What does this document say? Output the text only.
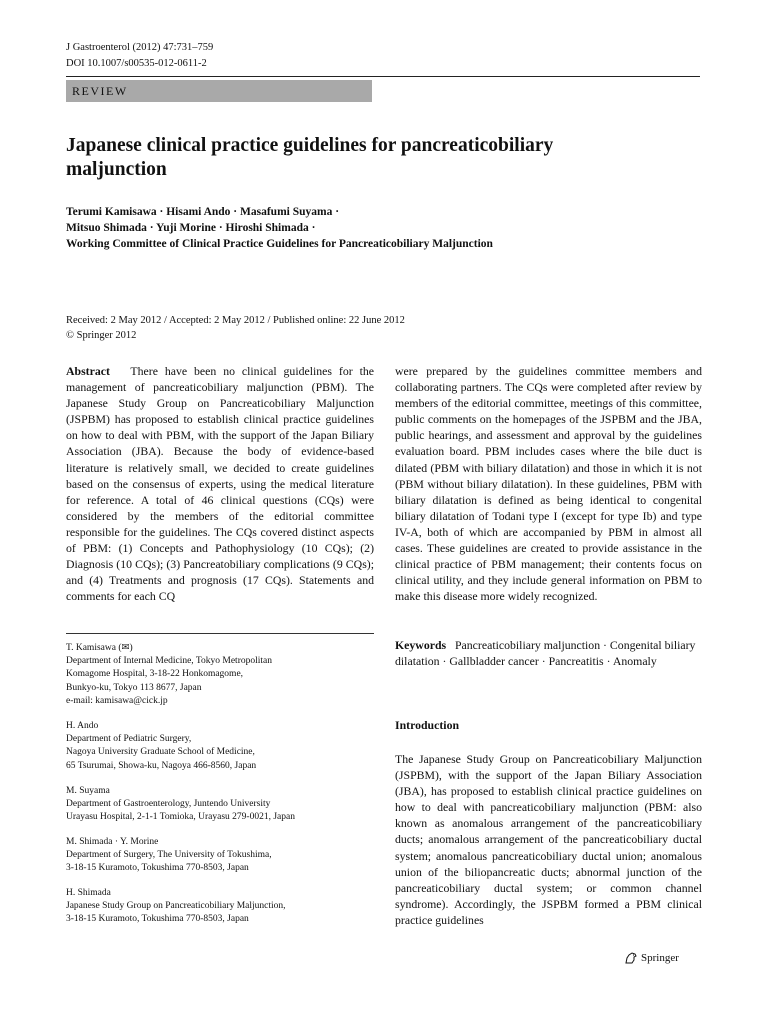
J Gastroenterol (2012) 47:731–759
DOI 10.1007/s00535-012-0611-2
REVIEW
Japanese clinical practice guidelines for pancreaticobiliary
maljunction
Terumi Kamisawa · Hisami Ando · Masafumi Suyama ·
Mitsuo Shimada · Yuji Morine · Hiroshi Shimada ·
Working Committee of Clinical Practice Guidelines for Pancreaticobiliary Maljunction
Received: 2 May 2012 / Accepted: 2 May 2012 / Published online: 22 June 2012
© Springer 2012
Abstract There have been no clinical guidelines for the management of pancreaticobiliary maljunction (PBM). The Japanese Study Group on Pancreaticobiliary Maljunction (JSPBM) has proposed to establish clinical practice guidelines on how to deal with PBM, with the support of the Japan Biliary Association (JBA). Because the body of evidence-based literature is relatively small, we decided to create guidelines based on the consensus of experts, using the medical literature for reference. A total of 46 clinical questions (CQs) were considered by the members of the editorial committee responsible for the guidelines. The CQs covered distinct aspects of PBM: (1) Concepts and Pathophysiology (10 CQs); (2) Diagnosis (10 CQs); (3) Pancreatobiliary complications (9 CQs); and (4) Treatments and prognosis (17 CQs). Statements and comments for each CQ
were prepared by the guidelines committee members and collaborating partners. The CQs were completed after review by members of the editorial committee, meetings of this committee, public comments on the homepages of the JSPBM and the JBA, public hearings, and assessment and approval by the guidelines evaluation board. PBM includes cases where the bile duct is dilated (PBM with biliary dilatation) and those in which it is not (PBM without biliary dilatation). In these guidelines, PBM with biliary dilatation is defined as being identical to congenital biliary dilatation of Todani type I (except for type Ib) and type IV-A, both of which are accompanied by PBM in almost all cases. These guidelines are created to provide assistance in the clinical practice of PBM management; their contents focus on clinical utility, and they include general information on PBM to make this disease more widely recognized.
T. Kamisawa (✉)
Department of Internal Medicine, Tokyo Metropolitan
Komagome Hospital, 3-18-22 Honkomagome,
Bunkyo-ku, Tokyo 113 8677, Japan
e-mail: kamisawa@cick.jp
H. Ando
Department of Pediatric Surgery,
Nagoya University Graduate School of Medicine,
65 Tsurumai, Showa-ku, Nagoya 466-8560, Japan
M. Suyama
Department of Gastroenterology, Juntendo University
Urayasu Hospital, 2-1-1 Tomioka, Urayasu 279-0021, Japan
M. Shimada · Y. Morine
Department of Surgery, The University of Tokushima,
3-18-15 Kuramoto, Tokushima 770-8503, Japan
H. Shimada
Japanese Study Group on Pancreaticobiliary Maljunction,
3-18-15 Kuramoto, Tokushima 770-8503, Japan
Keywords Pancreaticobiliary maljunction · Congenital biliary dilatation · Gallbladder cancer · Pancreatitis · Anomaly
Introduction
The Japanese Study Group on Pancreaticobiliary Maljunction (JSPBM), with the support of the Japan Biliary Association (JBA), has proposed to establish clinical practice guidelines on how to deal with pancreaticobiliary maljunction (PBM: also known as anomalous arrangement of the pancreaticobiliary ducts; anomalous arrangement of the pancreaticobiliary ductal system; anomalous pancreaticobiliary ductal union; anomalous union of the biliopancreatic ducts; abnormal junction of the pancreaticobiliary ductal system; or common channel syndrome). Accordingly, the JSPBM formed a PBM clinical practice guidelines
Springer
